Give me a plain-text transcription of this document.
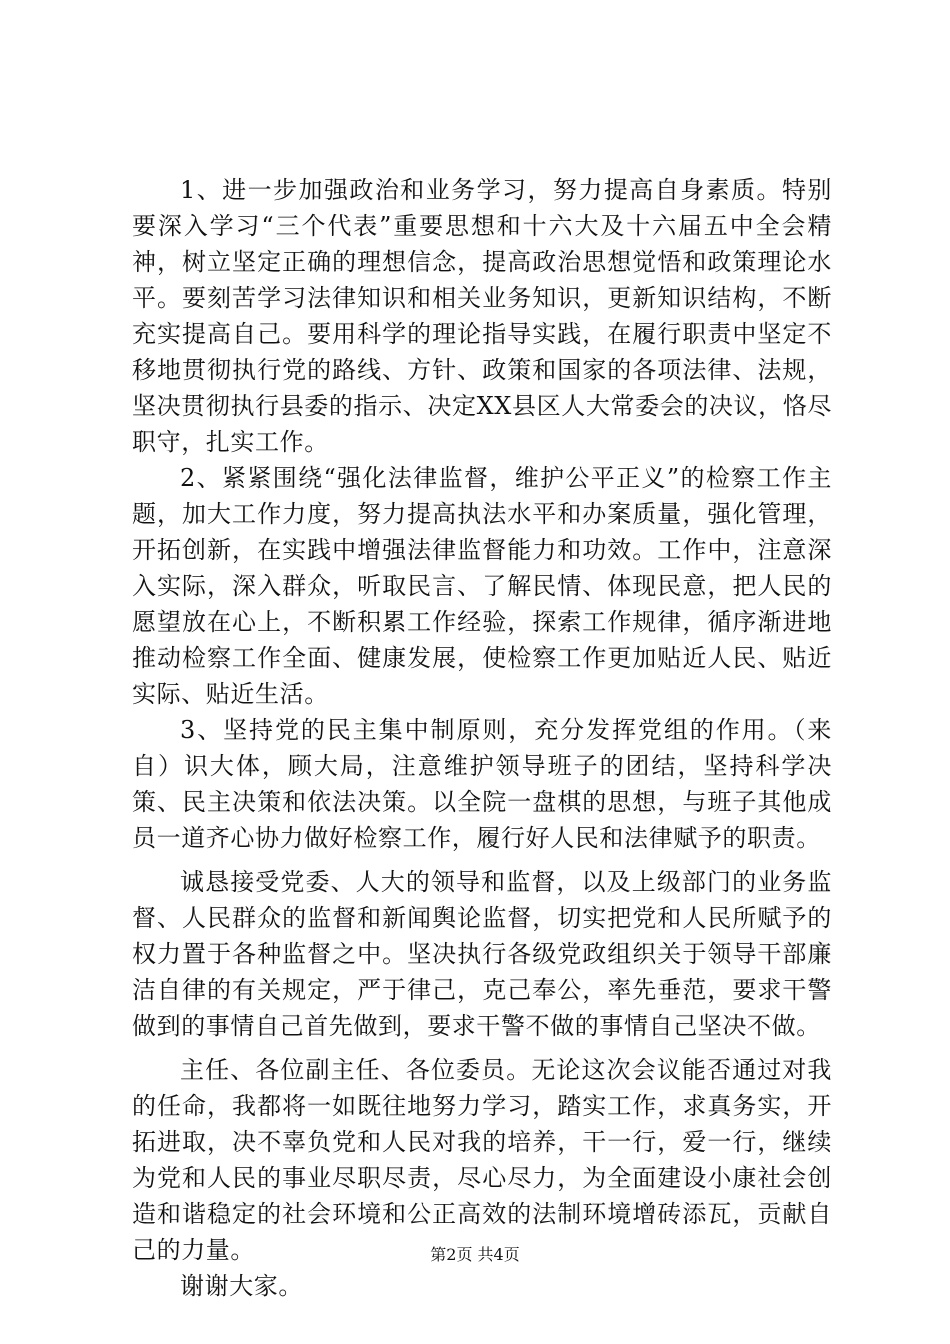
1、进一步加强政治和业务学习，努力提高自身素质。特别要深入学习“三个代表”重要思想和十六大及十六届五中全会精神，树立坚定正确的理想信念，提高政治思想觉悟和政策理论水平。要刻苦学习法律知识和相关业务知识，更新知识结构，不断充实提高自己。要用科学的理论指导实践，在履行职责中坚定不移地贯彻执行党的路线、方针、政策和国家的各项法律、法规，坚决贯彻执行县委的指示、决定XX县区人大常委会的决议，恪尽职守，扎实工作。

2、紧紧围绕“强化法律监督，维护公平正义”的检察工作主题，加大工作力度，努力提高执法水平和办案质量，强化管理，开拓创新，在实践中增强法律监督能力和功效。工作中，注意深入实际，深入群众，听取民言、了解民情、体现民意，把人民的愿望放在心上，不断积累工作经验，探索工作规律，循序渐进地推动检察工作全面、健康发展，使检察工作更加贴近人民、贴近实际、贴近生活。

3、坚持党的民主集中制原则，充分发挥党组的作用。（来自）识大体，顾大局，注意维护领导班子的团结，坚持科学决策、民主决策和依法决策。以全院一盘棋的思想，与班子其他成员一道齐心协力做好检察工作，履行好人民和法律赋予的职责。

诚恳接受党委、人大的领导和监督，以及上级部门的业务监督、人民群众的监督和新闻舆论监督，切实把党和人民所赋予的权力置于各种监督之中。坚决执行各级党政组织关于领导干部廉洁自律的有关规定，严于律己，克己奉公，率先垂范，要求干警做到的事情自己首先做到，要求干警不做的事情自己坚决不做。

主任、各位副主任、各位委员。无论这次会议能否通过对我的任命，我都将一如既往地努力学习，踏实工作，求真务实，开拓进取，决不辜负党和人民对我的培养，干一行，爱一行，继续为党和人民的事业尽职尽责，尽心尽力，为全面建设小康社会创造和谐稳定的社会环境和公正高效的法制环境增砖添瓦，贡献自己的力量。

谢谢大家。

第2页 共4页
